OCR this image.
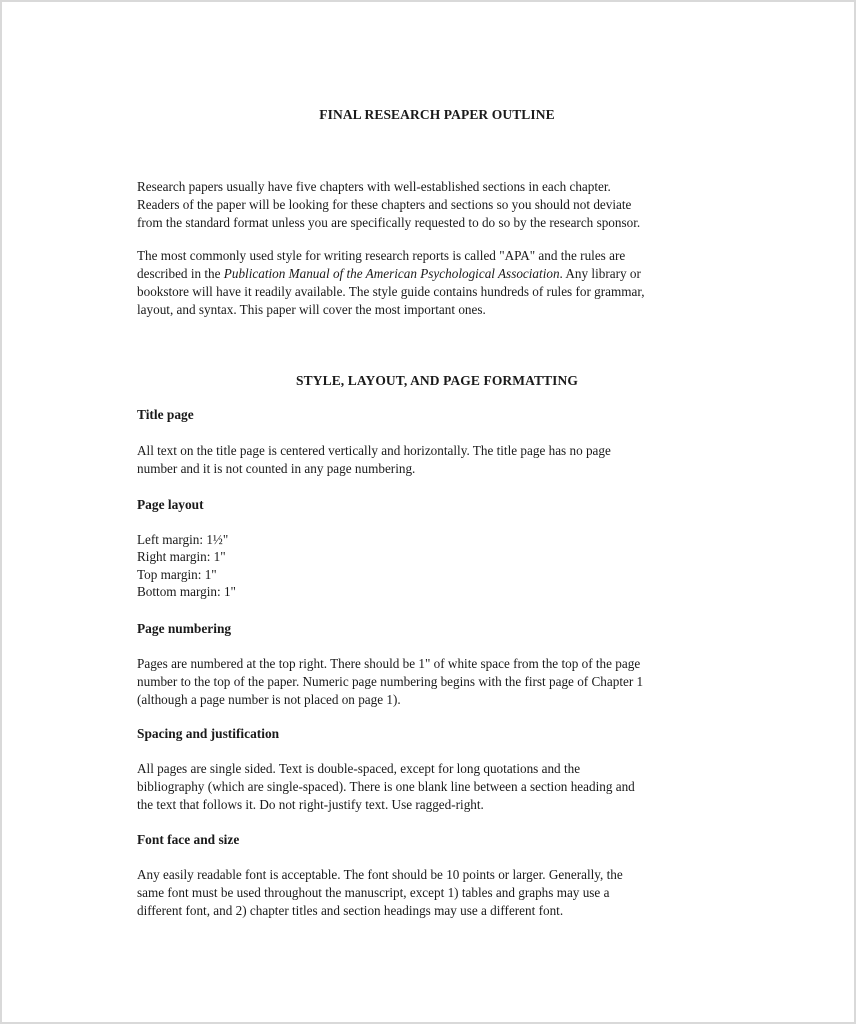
FINAL RESEARCH PAPER OUTLINE
Research papers usually have five chapters with well-established sections in each chapter.
Readers of the paper will be looking for these chapters and sections so you should not deviate
from the standard format unless you are specifically requested to do so by the research sponsor.
The most commonly used style for writing research reports is called "APA" and the rules are
described in the Publication Manual of the American Psychological Association. Any library or
bookstore will have it readily available. The style guide contains hundreds of rules for grammar,
layout, and syntax. This paper will cover the most important ones.
STYLE, LAYOUT, AND PAGE FORMATTING
Title page
All text on the title page is centered vertically and horizontally. The title page has no page
number and it is not counted in any page numbering.
Page layout
Left margin: 1½"
Right margin: 1"
Top margin: 1"
Bottom margin: 1"
Page numbering
Pages are numbered at the top right. There should be 1" of white space from the top of the page
number to the top of the paper. Numeric page numbering begins with the first page of Chapter 1
(although a page number is not placed on page 1).
Spacing and justification
All pages are single sided. Text is double-spaced, except for long quotations and the
bibliography (which are single-spaced). There is one blank line between a section heading and
the text that follows it. Do not right-justify text. Use ragged-right.
Font face and size
Any easily readable font is acceptable. The font should be 10 points or larger. Generally, the
same font must be used throughout the manuscript, except 1) tables and graphs may use a
different font, and 2) chapter titles and section headings may use a different font.
